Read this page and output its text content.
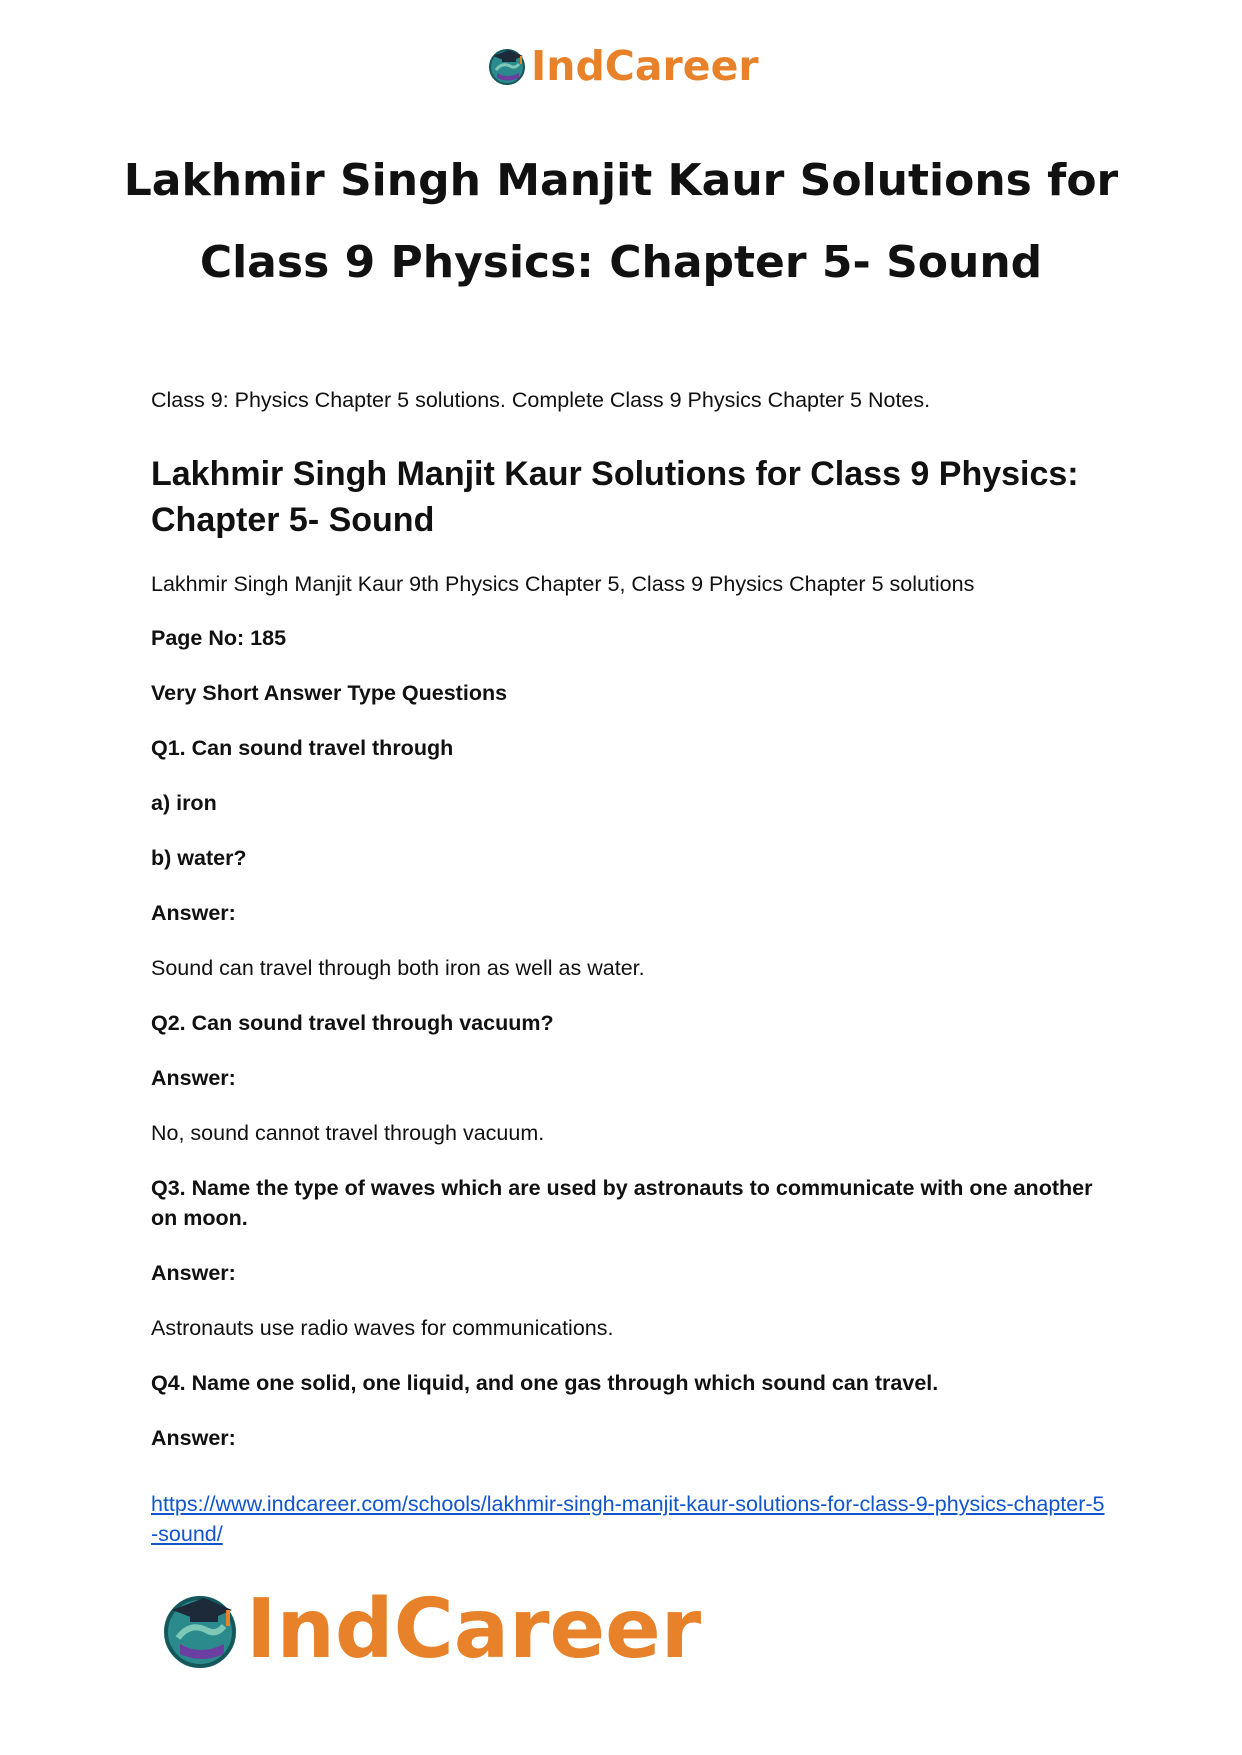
IndCareer
Lakhmir Singh Manjit Kaur Solutions for
Class 9 Physics: Chapter 5- Sound

Class 9: Physics Chapter 5 solutions. Complete Class 9 Physics Chapter 5 Notes.

Lakhmir Singh Manjit Kaur Solutions for Class 9 Physics: Chapter 5- Sound

Lakhmir Singh Manjit Kaur 9th Physics Chapter 5, Class 9 Physics Chapter 5 solutions

Page No: 185

Very Short Answer Type Questions

Q1. Can sound travel through

a) iron

b) water?

Answer:

Sound can travel through both iron as well as water.

Q2. Can sound travel through vacuum?

Answer:

No, sound cannot travel through vacuum.

Q3. Name the type of waves which are used by astronauts to communicate with one another on moon.

Answer:

Astronauts use radio waves for communications.

Q4. Name one solid, one liquid, and one gas through which sound can travel.

Answer:

https://www.indcareer.com/schools/lakhmir-singh-manjit-kaur-solutions-for-class-9-physics-chapter-5-sound/

IndCareer
